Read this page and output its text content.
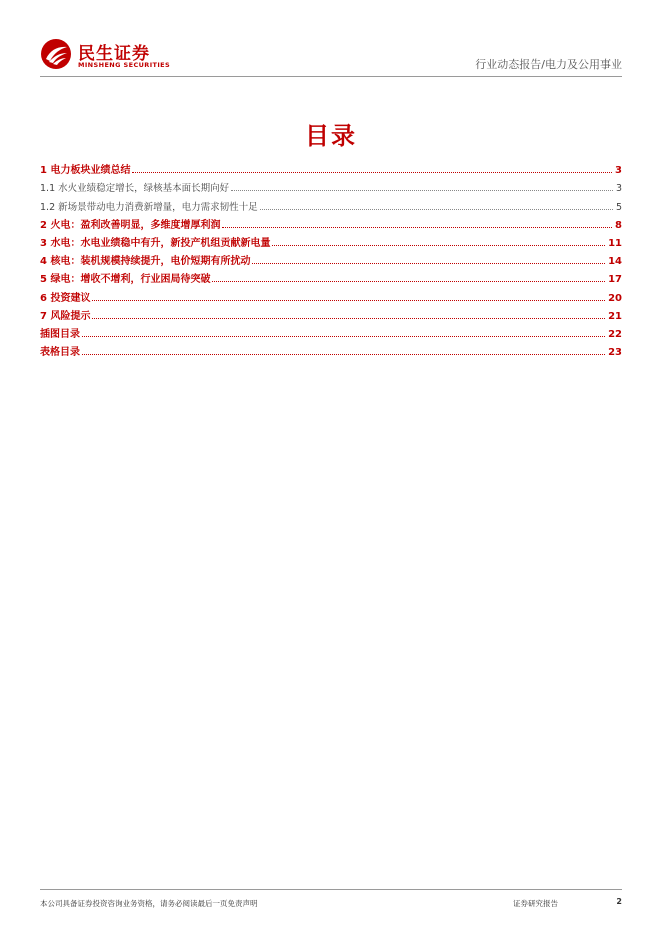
民生证券
MINSHENG SECURITIES	行业动态报告/电力及公用事业
目录
1 电力板块业绩总结	3
1.1 水火业绩稳定增长，绿核基本面长期向好	3
1.2 新场景带动电力消费新增量，电力需求韧性十足	5
2 火电：盈利改善明显，多维度增厚利润	8
3 水电：水电业绩稳中有升，新投产机组贡献新电量	11
4 核电：装机规模持续提升，电价短期有所扰动	14
5 绿电：增收不增利，行业困局待突破	17
6 投资建议	20
7 风险提示	21
插图目录	22
表格目录	23
本公司具备证券投资咨询业务资格，请务必阅读最后一页免责声明	证券研究报告	2
